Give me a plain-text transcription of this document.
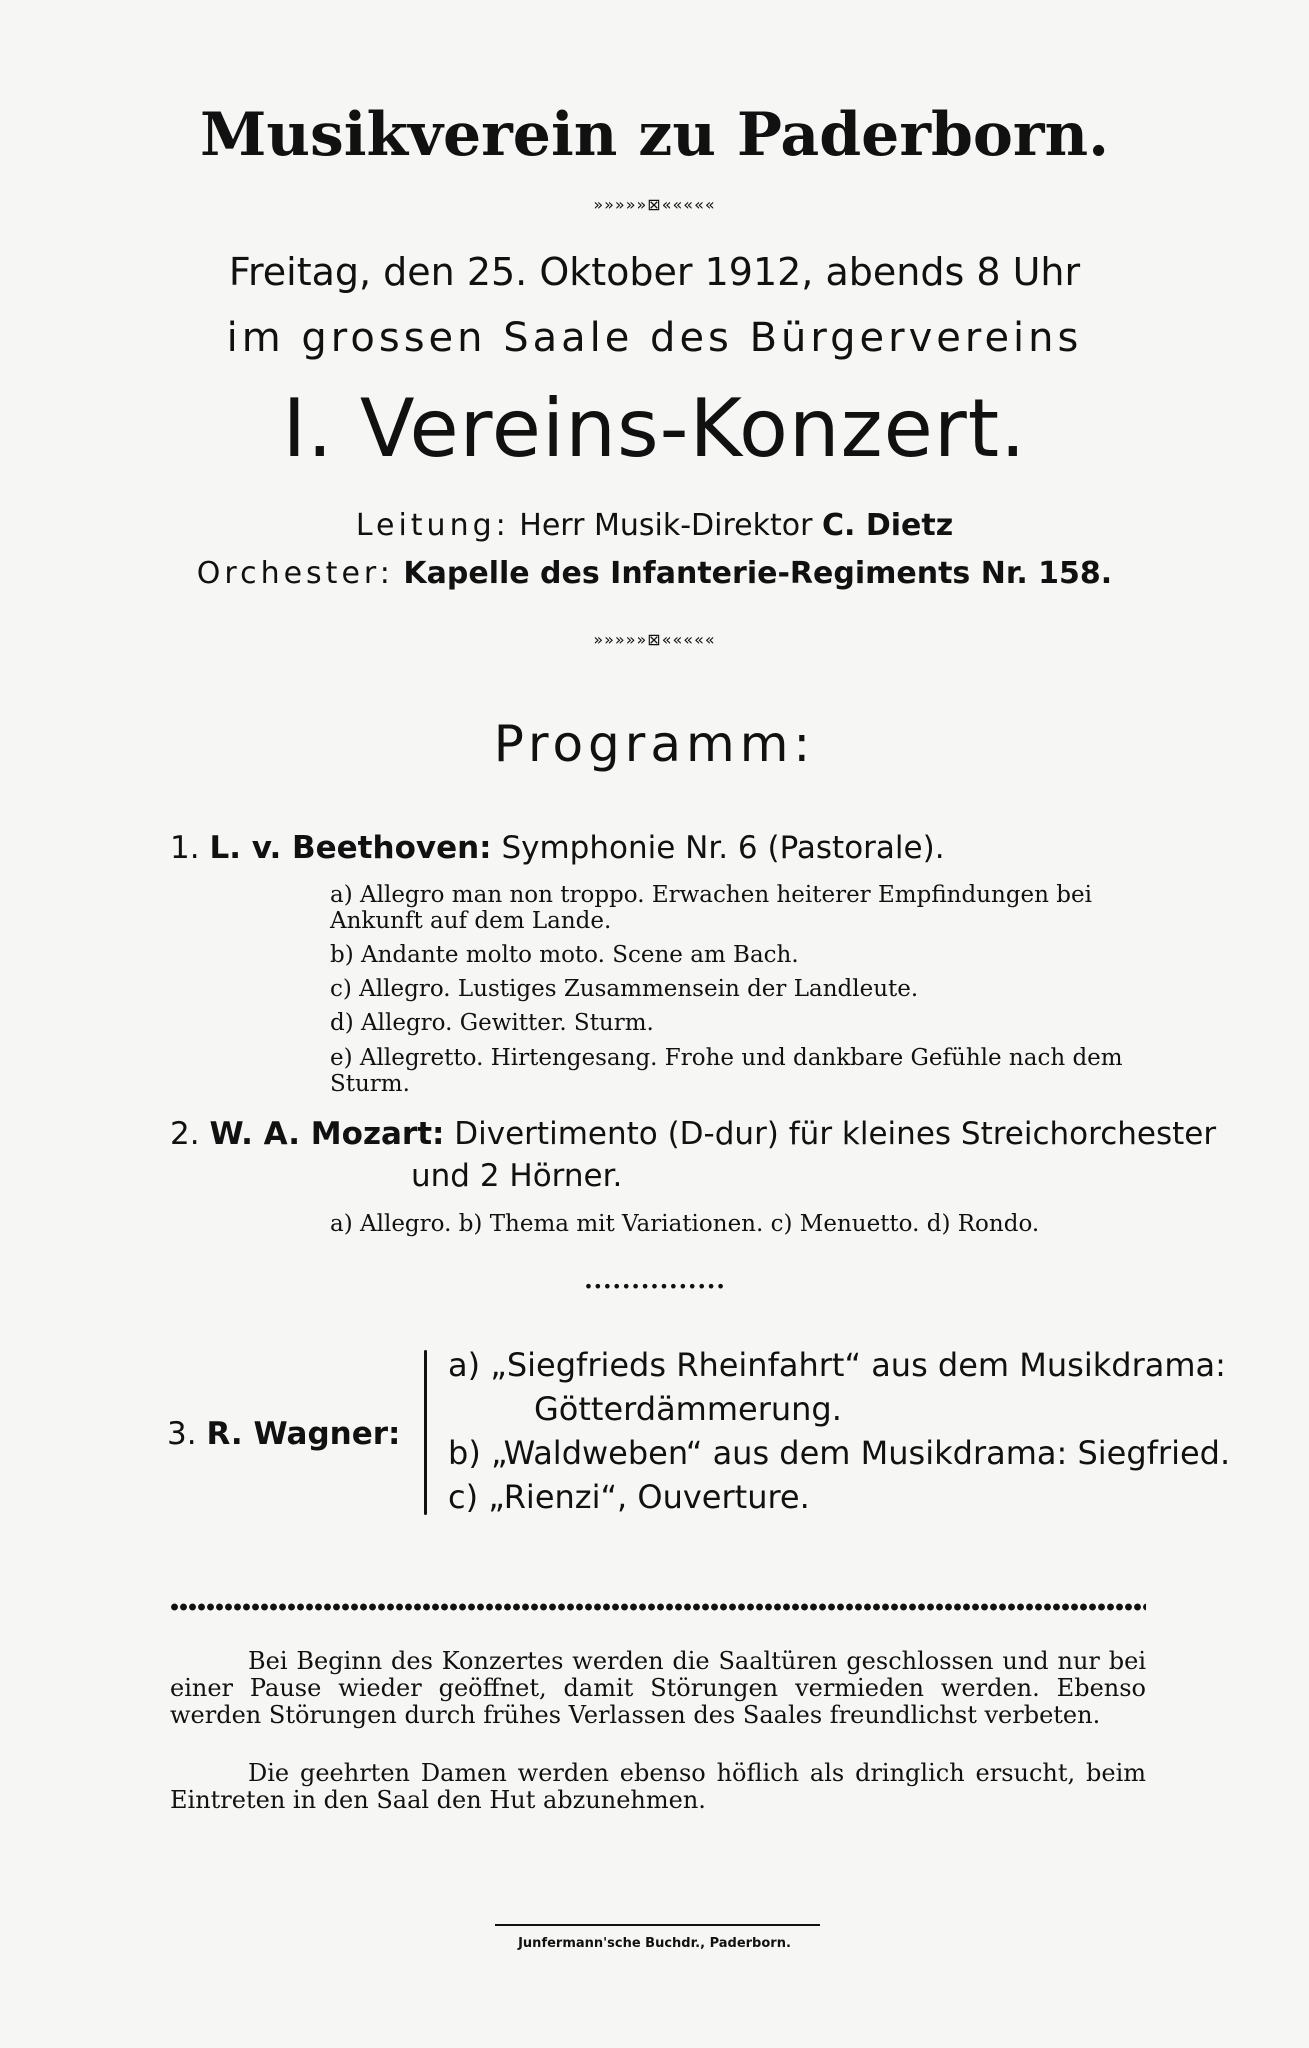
Musikverein zu Paderborn.
»»»»»⊠«««««
Freitag, den 25. Oktober 1912, abends 8 Uhr
im grossen Saale des Bürgervereins
I. Vereins-Konzert.
Leitung: Herr Musik-Direktor C. Dietz
Orchester: Kapelle des Infanterie-Regiments Nr. 158.
»»»»»⊠«««««
Programm:
1. L. v. Beethoven: Symphonie Nr. 6 (Pastorale).
a) Allegro man non troppo. Erwachen heiterer Empfindungen bei Ankunft auf dem Lande.
b) Andante molto moto. Scene am Bach.
c) Allegro. Lustiges Zusammensein der Landleute.
d) Allegro. Gewitter. Sturm.
e) Allegretto. Hirtengesang. Frohe und dankbare Gefühle nach dem Sturm.
2. W. A. Mozart: Divertimento (D-dur) für kleines Streichorchester
und 2 Hörner.
a) Allegro. b) Thema mit Variationen. c) Menuetto. d) Rondo.
•••••••••••••••
3. R. Wagner:
a) „Siegfrieds Rheinfahrt“ aus dem Musikdrama:
Götterdämmerung.
b) „Waldweben“ aus dem Musikdrama: Siegfried.
c) „Rienzi“, Ouverture.
Bei Beginn des Konzertes werden die Saaltüren geschlossen und nur bei einer Pause wieder geöffnet, damit Störungen vermieden werden. Ebenso werden Störungen durch frühes Verlassen des Saales freundlichst verbeten.
Die geehrten Damen werden ebenso höflich als dringlich ersucht, beim Eintreten in den Saal den Hut abzunehmen.
Junfermann'sche Buchdr., Paderborn.
